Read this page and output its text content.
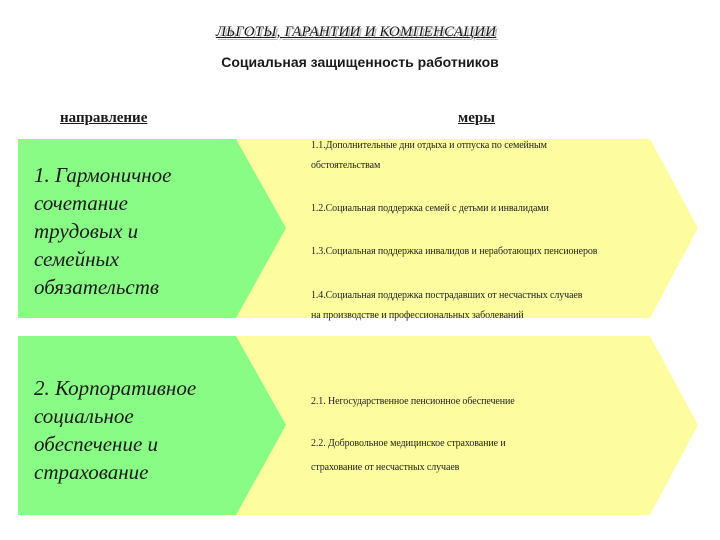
ЛЬГОТЫ, ГАРАНТИИ И КОМПЕНСАЦИИ
Социальная защищенность работников
направление	меры
1. Гармоничное
сочетание
трудовых и
семейных
обязательств
2. Корпоративное
социальное
обеспечение и
страхование
1.1.Дополнительные дни отдыха и отпуска по семейным
обстоятельствам
1.2.Социальная поддержка семей с детьми и инвалидами
1.3.Социальная поддержка инвалидов и неработающих пенсионеров
1.4.Социальная поддержка пострадавших от несчастных случаев
на производстве и профессиональных заболеваний
2.1. Негосударственное пенсионное обеспечение
2.2. Добровольное медицинское страхование и
страхование от несчастных случаев
